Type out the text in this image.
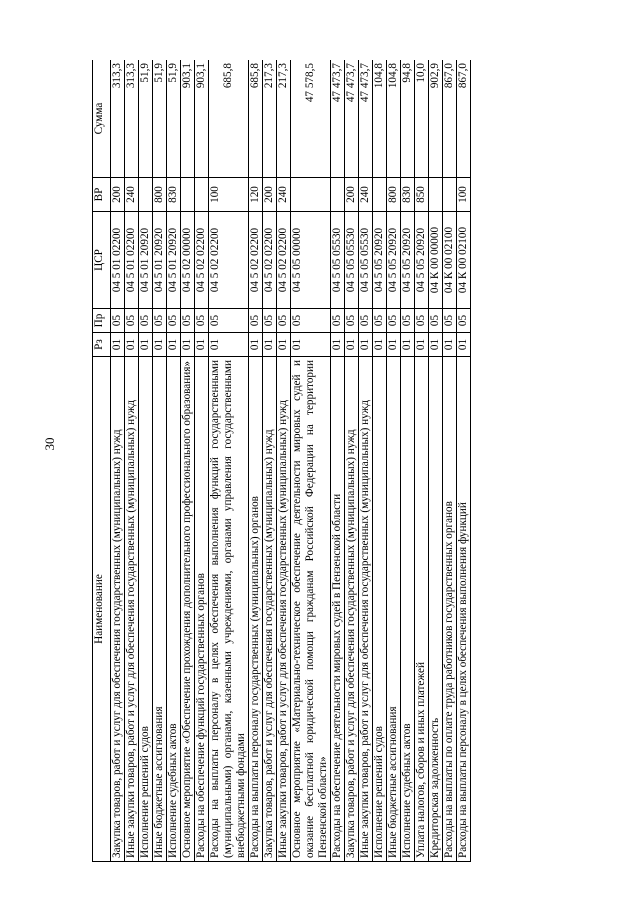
30
Наименование	Рз	Пр	ЦСР	ВР	Сумма
Закупка товаров, работ и услуг для обеспечения государственных (муниципальных) нужд	01	05	04 5 01 02200	200	313,3
Иные закупки товаров, работ и услуг для обеспечения государственных (муниципальных) нужд	01	05	04 5 01 02200	240	313,3
Исполнение решений судов	01	05	04 5 01 20920		51,9
Иные бюджетные ассигнования	01	05	04 5 01 20920	800	51,9
Исполнение судебных актов	01	05	04 5 01 20920	830	51,9
Основное мероприятие «Обеспечение прохождения дополнительного профессионального образования»	01	05	04 5 02 00000		903,1
Расходы на обеспечение функций государственных органов	01	05	04 5 02 02200		903,1
Расходы на выплаты персоналу в целях обеспечения выполнения функций государственными (муниципальными) органами, казенными учреждениями, органами управления государственными внебюджетными фондами	01	05	04 5 02 02200	100	685,8
Расходы на выплаты персоналу государственных (муниципальных) органов	01	05	04 5 02 02200	120	685,8
Закупка товаров, работ и услуг для обеспечения государственных (муниципальных) нужд	01	05	04 5 02 02200	200	217,3
Иные закупки товаров, работ и услуг для обеспечения государственных (муниципальных) нужд	01	05	04 5 02 02200	240	217,3
Основное мероприятие «Материально-техническое обеспечение деятельности мировых судей и оказание бесплатной юридической помощи гражданам Российской Федерации на территории Пензенской области»	01	05	04 5 05 00000		47 578,5
Расходы на обеспечение деятельности мировых судей в Пензенской области	01	05	04 5 05 05530		47 473,7
Закупка товаров, работ и услуг для обеспечения государственных (муниципальных) нужд	01	05	04 5 05 05530	200	47 473,7
Иные закупки товаров, работ и услуг для обеспечения государственных (муниципальных) нужд	01	05	04 5 05 05530	240	47 473,7
Исполнение решений судов	01	05	04 5 05 20920		104,8
Иные бюджетные ассигнования	01	05	04 5 05 20920	800	104,8
Исполнение судебных актов	01	05	04 5 05 20920	830	94,8
Уплата налогов, сборов и иных платежей	01	05	04 5 05 20920	850	10,0
Кредиторская задолженность	01	05	04 К 00 00000		902,9
Расходы на выплаты по оплате труда работников государственных органов	01	05	04 К 00 02100		867,0
Расходы на выплаты персоналу в целях обеспечения выполнения функций	01	05	04 К 00 02100	100	867,0
